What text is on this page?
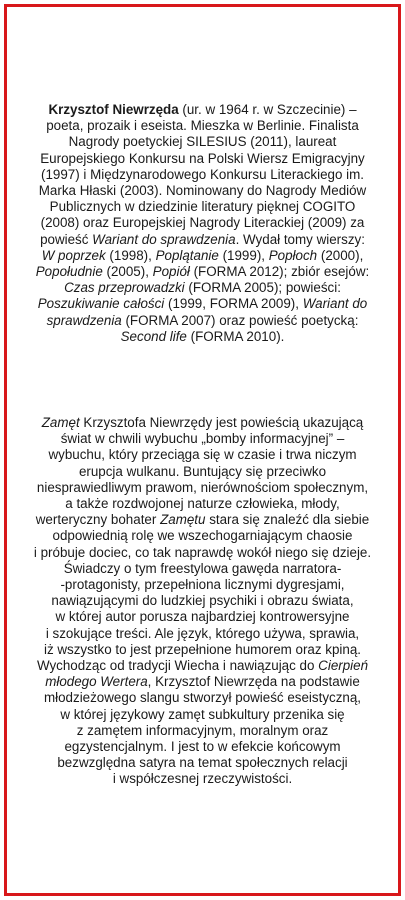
Krzysztof Niewrzęda (ur. w 1964 r. w Szczecinie) –
poeta, prozaik i eseista. Mieszka w Berlinie. Finalista
Nagrody poetyckiej SILESIUS (2011), laureat
Europejskiego Konkursu na Polski Wiersz Emigracyjny
(1997) i Międzynarodowego Konkursu Literackiego im.
Marka Hłaski (2003). Nominowany do Nagrody Mediów
Publicznych w dziedzinie literatury pięknej COGITO
(2008) oraz Europejskiej Nagrody Literackiej (2009) za
powieść Wariant do sprawdzenia. Wydał tomy wierszy:
W poprzek (1998), Poplątanie (1999), Popłoch (2000),
Popołudnie (2005), Popiół (FORMA 2012); zbiór esejów:
Czas przeprowadzki (FORMA 2005); powieści:
Poszukiwanie całości (1999, FORMA 2009), Wariant do
sprawdzenia (FORMA 2007) oraz powieść poetycką:
Second life (FORMA 2010).
Zamęt Krzysztofa Niewrzędy jest powieścią ukazującą
świat w chwili wybuchu „bomby informacyjnej” –
wybuchu, który przeciąga się w czasie i trwa niczym
erupcja wulkanu. Buntujący się przeciwko
niesprawiedliwym prawom, nierównościom społecznym,
a także rozdwojonej naturze człowieka, młody,
werteryczny bohater Zamętu stara się znaleźć dla siebie
odpowiednią rolę we wszechogarniającym chaosie
i próbuje dociec, co tak naprawdę wokół niego się dzieje.
Świadczy o tym freestylowa gawęda narratora-
-protagonisty, przepełniona licznymi dygresjami,
nawiązującymi do ludzkiej psychiki i obrazu świata,
w której autor porusza najbardziej kontrowersyjne
i szokujące treści. Ale język, którego używa, sprawia,
iż wszystko to jest przepełnione humorem oraz kpiną.
Wychodząc od tradycji Wiecha i nawiązując do Cierpień
młodego Wertera, Krzysztof Niewrzęda na podstawie
młodzieżowego slangu stworzył powieść eseistyczną,
w której językowy zamęt subkultury przenika się
z zamętem informacyjnym, moralnym oraz
egzystencjalnym. I jest to w efekcie końcowym
bezwzględna satyra na temat społecznych relacji
i współczesnej rzeczywistości.
